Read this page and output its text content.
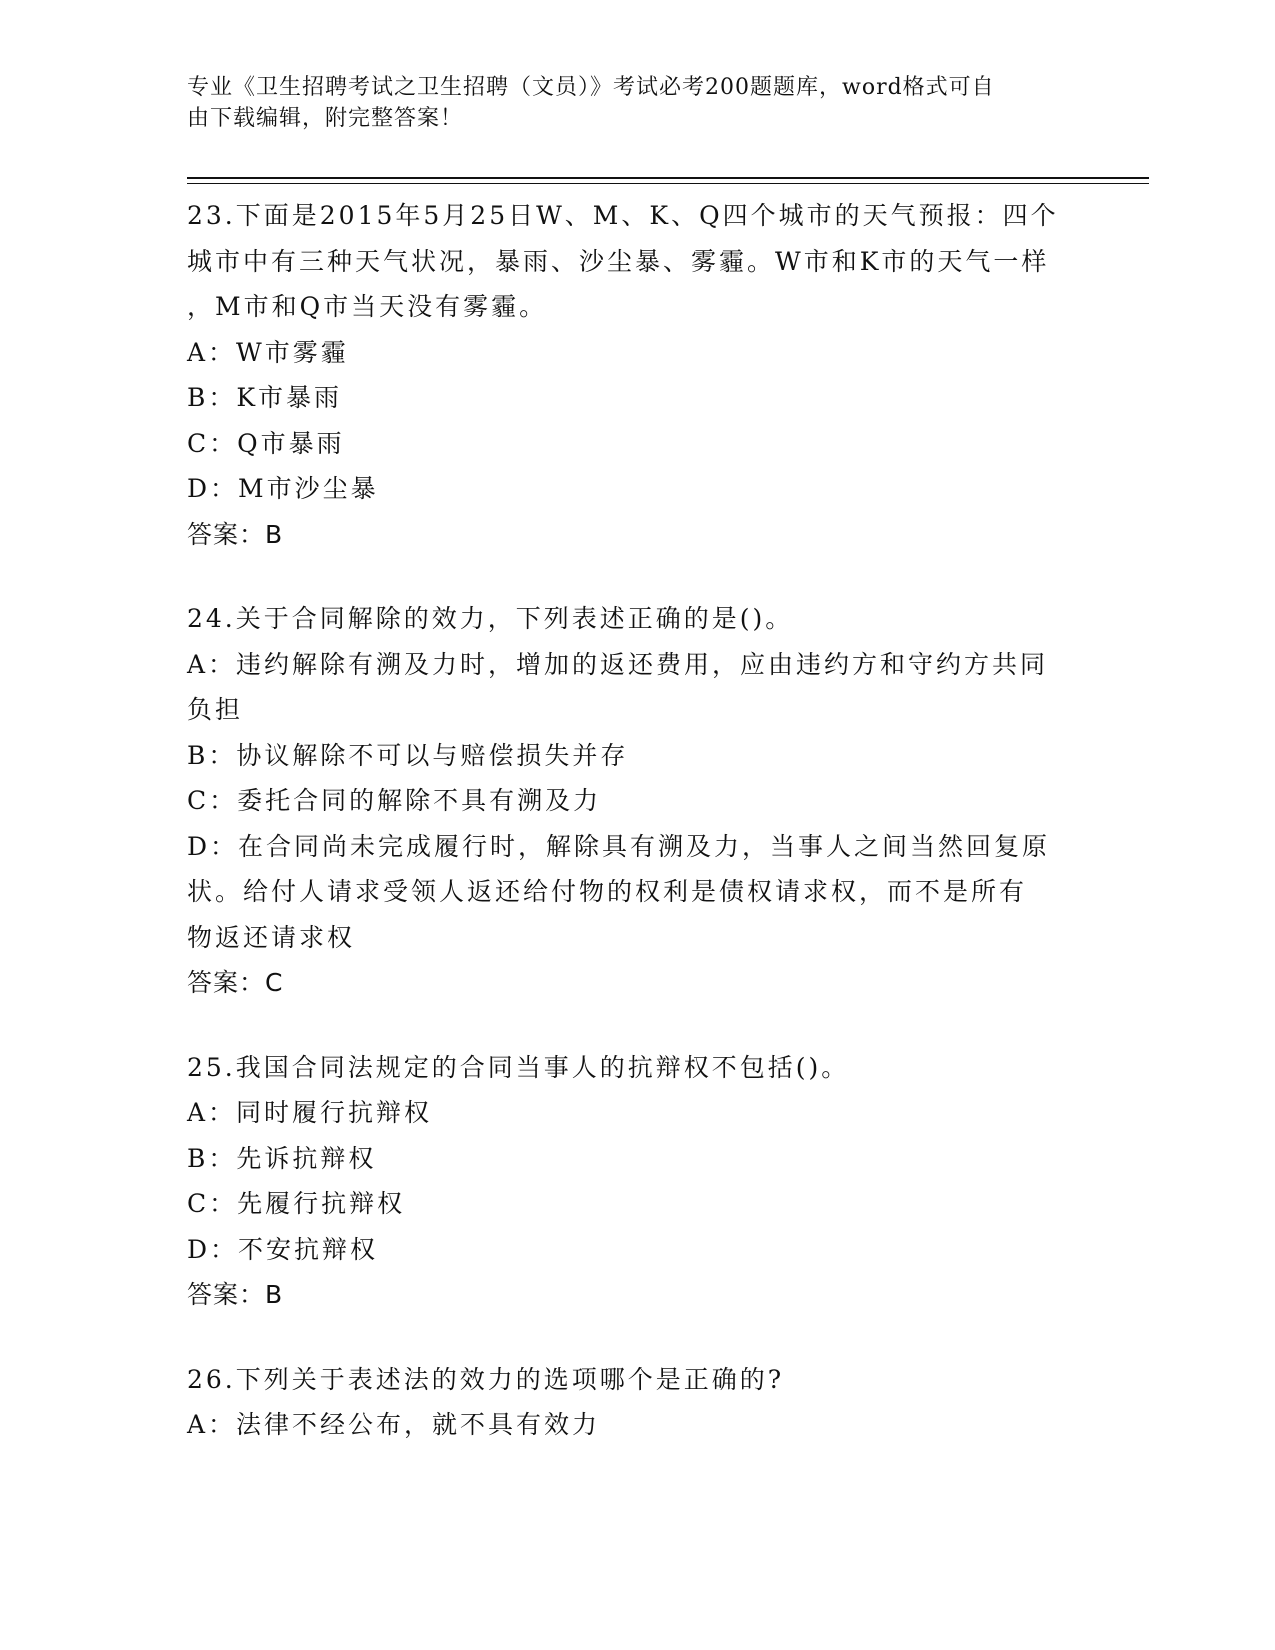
专业《卫生招聘考试之卫生招聘（文员）》考试必考200题题库，word格式可自
由下载编辑，附完整答案！
23.下面是2015年5月25日W、M、K、Q四个城市的天气预报：四个
城市中有三种天气状况，暴雨、沙尘暴、雾霾。W市和K市的天气一样
，M市和Q市当天没有雾霾。
A：W市雾霾
B：K市暴雨
C：Q市暴雨
D：M市沙尘暴
答案：B
24.关于合同解除的效力，下列表述正确的是()。
A：违约解除有溯及力时，增加的返还费用，应由违约方和守约方共同
负担
B：协议解除不可以与赔偿损失并存
C：委托合同的解除不具有溯及力
D：在合同尚未完成履行时，解除具有溯及力，当事人之间当然回复原
状。给付人请求受领人返还给付物的权利是债权请求权，而不是所有
物返还请求权
答案：C
25.我国合同法规定的合同当事人的抗辩权不包括()。
A：同时履行抗辩权
B：先诉抗辩权
C：先履行抗辩权
D：不安抗辩权
答案：B
26.下列关于表述法的效力的选项哪个是正确的?
A：法律不经公布，就不具有效力
